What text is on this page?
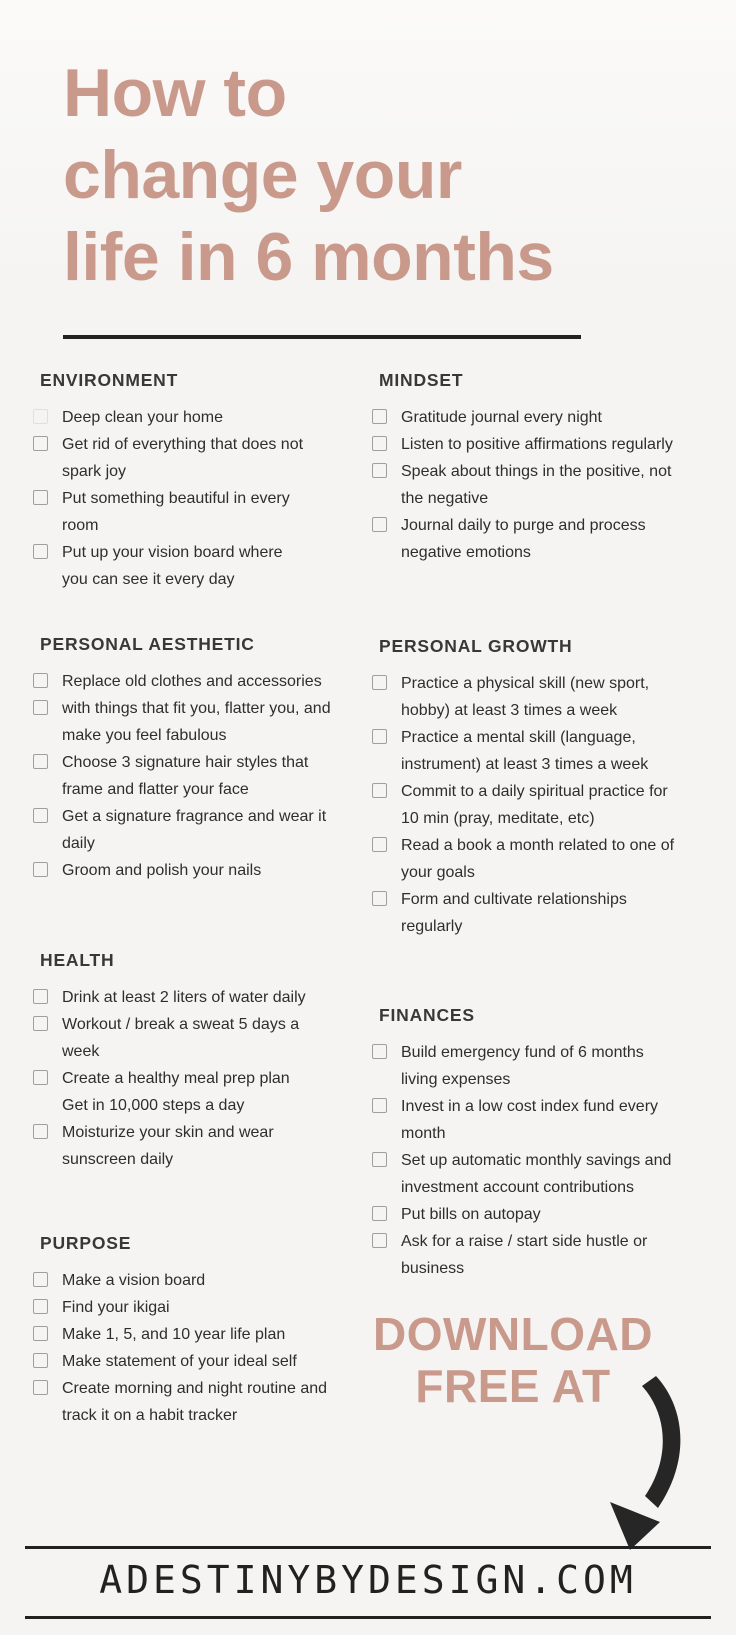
How to
change your
life in 6 months
DOWNLOAD
FREE AT
ADESTINYBYDESIGN.COM
ENVIRONMENT
Deep clean your home
Get rid of everything that does not
spark joy
Put something beautiful in every
room
Put up your vision board where
you can see it every day
MINDSET
Gratitude journal every night
Listen to positive affirmations regularly
Speak about things in the positive, not
the negative
Journal daily to purge and process
negative emotions
PERSONAL AESTHETIC
Replace old clothes and accessories
with things that fit you, flatter you, and
make you feel fabulous
Choose 3 signature hair styles that
frame and flatter your face
Get a signature fragrance and wear it
daily
Groom and polish your nails
PERSONAL GROWTH
Practice a physical skill (new sport,
hobby) at least 3 times a week
Practice a mental skill (language,
instrument) at least 3 times a week
Commit to a daily spiritual practice for
10 min (pray, meditate, etc)
Read a book a month related to one of
your goals
Form and cultivate relationships
regularly
HEALTH
Drink at least 2 liters of water daily
Workout / break a sweat 5 days a
week
Create a healthy meal prep plan
Get in 10,000 steps a day
Moisturize your skin and wear
sunscreen daily
FINANCES
Build emergency fund of 6 months
living expenses
Invest in a low cost index fund every
month
Set up automatic monthly savings and
investment account contributions
Put bills on autopay
Ask for a raise / start side hustle or
business
PURPOSE
Make a vision board
Find your ikigai
Make 1, 5, and 10 year life plan
Make statement of your ideal self
Create morning and night routine and
track it on a habit tracker
